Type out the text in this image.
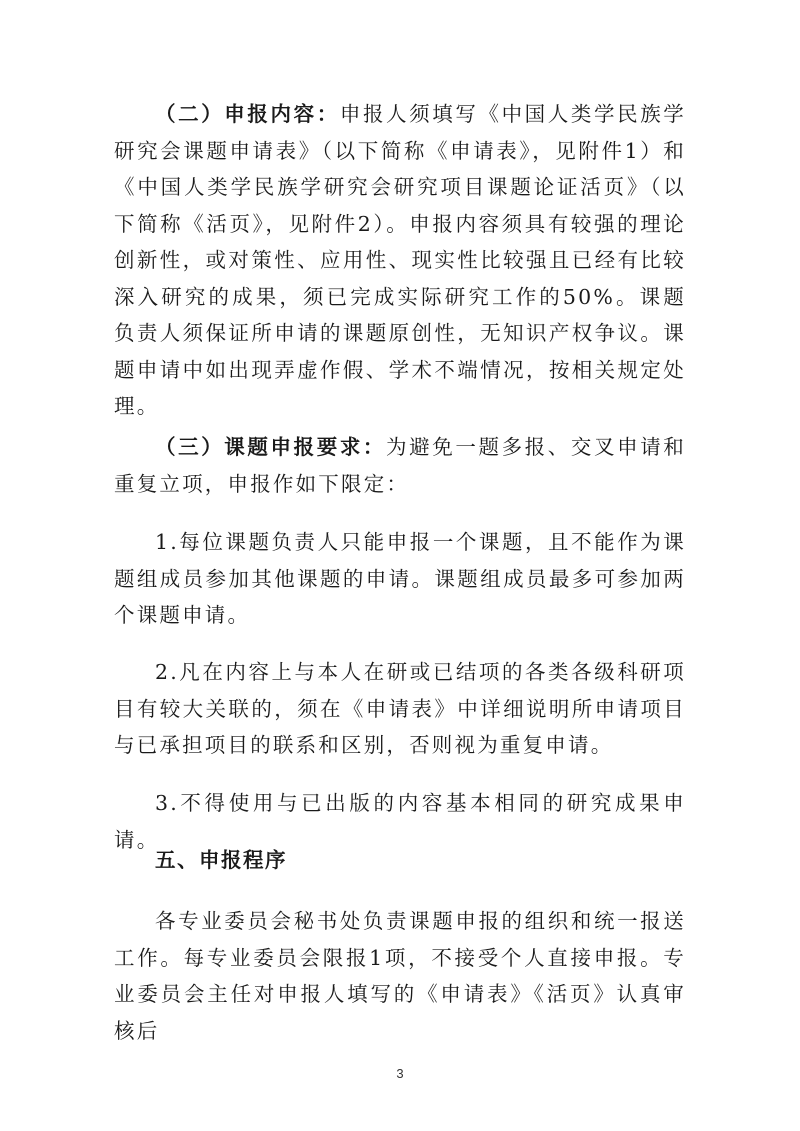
（二）申报内容：申报人须填写《中国人类学民族学研究会课题申请表》（以下简称《申请表》，见附件1）和《中国人类学民族学研究会研究项目课题论证活页》（以下简称《活页》，见附件2）。申报内容须具有较强的理论创新性，或对策性、应用性、现实性比较强且已经有比较深入研究的成果，须已完成实际研究工作的50%。课题负责人须保证所申请的课题原创性，无知识产权争议。课题申请中如出现弄虚作假、学术不端情况，按相关规定处理。

（三）课题申报要求：为避免一题多报、交叉申请和重复立项，申报作如下限定：

1.每位课题负责人只能申报一个课题，且不能作为课题组成员参加其他课题的申请。课题组成员最多可参加两个课题申请。

2.凡在内容上与本人在研或已结项的各类各级科研项目有较大关联的，须在《申请表》中详细说明所申请项目与已承担项目的联系和区别，否则视为重复申请。

3.不得使用与已出版的内容基本相同的研究成果申请。

五、申报程序

各专业委员会秘书处负责课题申报的组织和统一报送工作。每专业委员会限报1项，不接受个人直接申报。专业委员会主任对申报人填写的《申请表》《活页》认真审核后

3
